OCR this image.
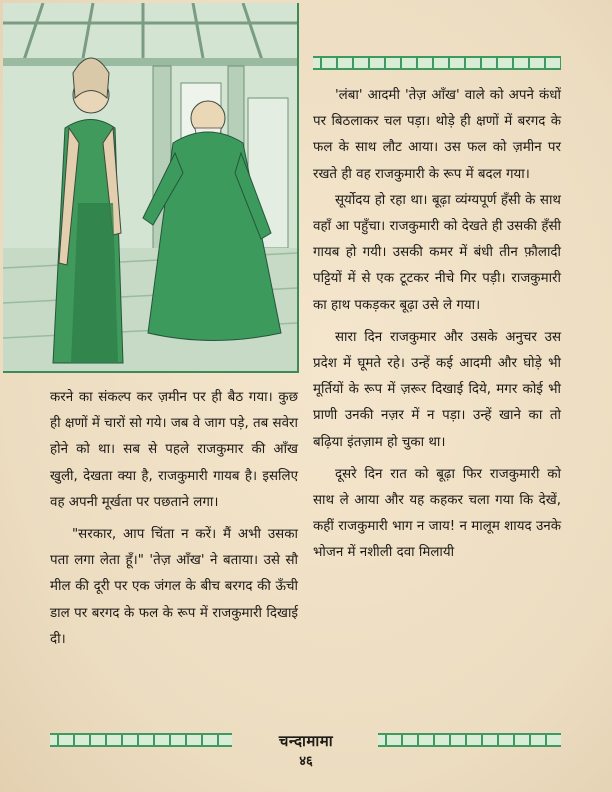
'लंबा' आदमी 'तेज़ आँख' वाले को अपने कंधों पर बिठलाकर चल पड़ा। थोड़े ही क्षणों में बरगद के फल के साथ लौट आया। उस फल को ज़मीन पर रखते ही वह राजकुमारी के रूप में बदल गया।

सूर्योदय हो रहा था। बूढ़ा व्यंग्यपूर्ण हँसी के साथ वहाँ आ पहुँचा। राजकुमारी को देखते ही उसकी हँसी गायब हो गयी। उसकी कमर में बंधी तीन फ़ौलादी पट्टियों में से एक टूटकर नीचे गिर पड़ी। राजकुमारी का हाथ पकड़कर बूढ़ा उसे ले गया।

सारा दिन राजकुमार और उसके अनुचर उस प्रदेश में घूमते रहे। उन्हें कई आदमी और घोड़े भी मूर्तियों के रूप में ज़रूर दिखाई दिये, मगर कोई भी प्राणी उनकी नज़र में न पड़ा। उन्हें खाने का तो बढ़िया इंतज़ाम हो चुका था।

दूसरे दिन रात को बूढ़ा फिर राजकुमारी को साथ ले आया और यह कहकर चला गया कि देखें, कहीं राजकुमारी भाग न जाय! न मालूम शायद उनके भोजन में नशीली दवा मिलायी

करने का संकल्प कर ज़मीन पर ही बैठ गया। कुछ ही क्षणों में चारों सो गये। जब वे जाग पड़े, तब सवेरा होने को था। सब से पहले राजकुमार की आँख खुली, देखता क्या है, राजकुमारी गायब है। इसलिए वह अपनी मूर्खता पर पछताने लगा।

"सरकार, आप चिंता न करें। मैं अभी उसका पता लगा लेता हूँ।" 'तेज़ आँख' ने बताया। उसे सौ मील की दूरी पर एक जंगल के बीच बरगद की ऊँची डाल पर बरगद के फल के रूप में राजकुमारी दिखाई दी।

चन्दामामा
४६
